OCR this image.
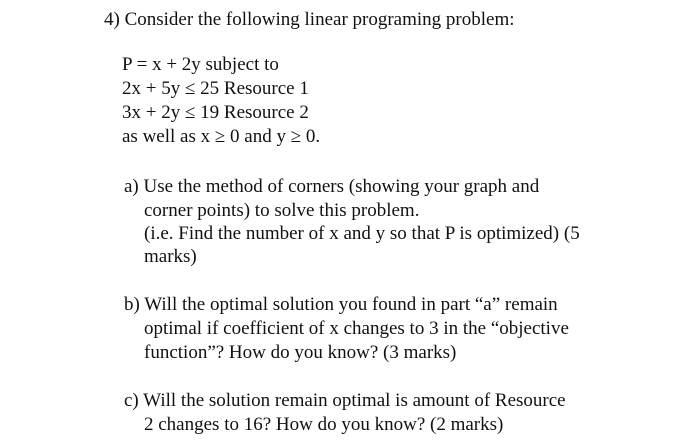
4) Consider the following linear programing problem:
P = x + 2y subject to
2x + 5y ≤ 25 Resource 1
3x + 2y ≤ 19 Resource 2
as well as x ≥ 0 and y ≥ 0.
a) Use the method of corners (showing your graph and
corner points) to solve this problem.
(i.e. Find the number of x and y so that P is optimized) (5
marks)
b) Will the optimal solution you found in part “a” remain
optimal if coefficient of x changes to 3 in the “objective
function”? How do you know? (3 marks)
c) Will the solution remain optimal is amount of Resource
2 changes to 16? How do you know? (2 marks)
